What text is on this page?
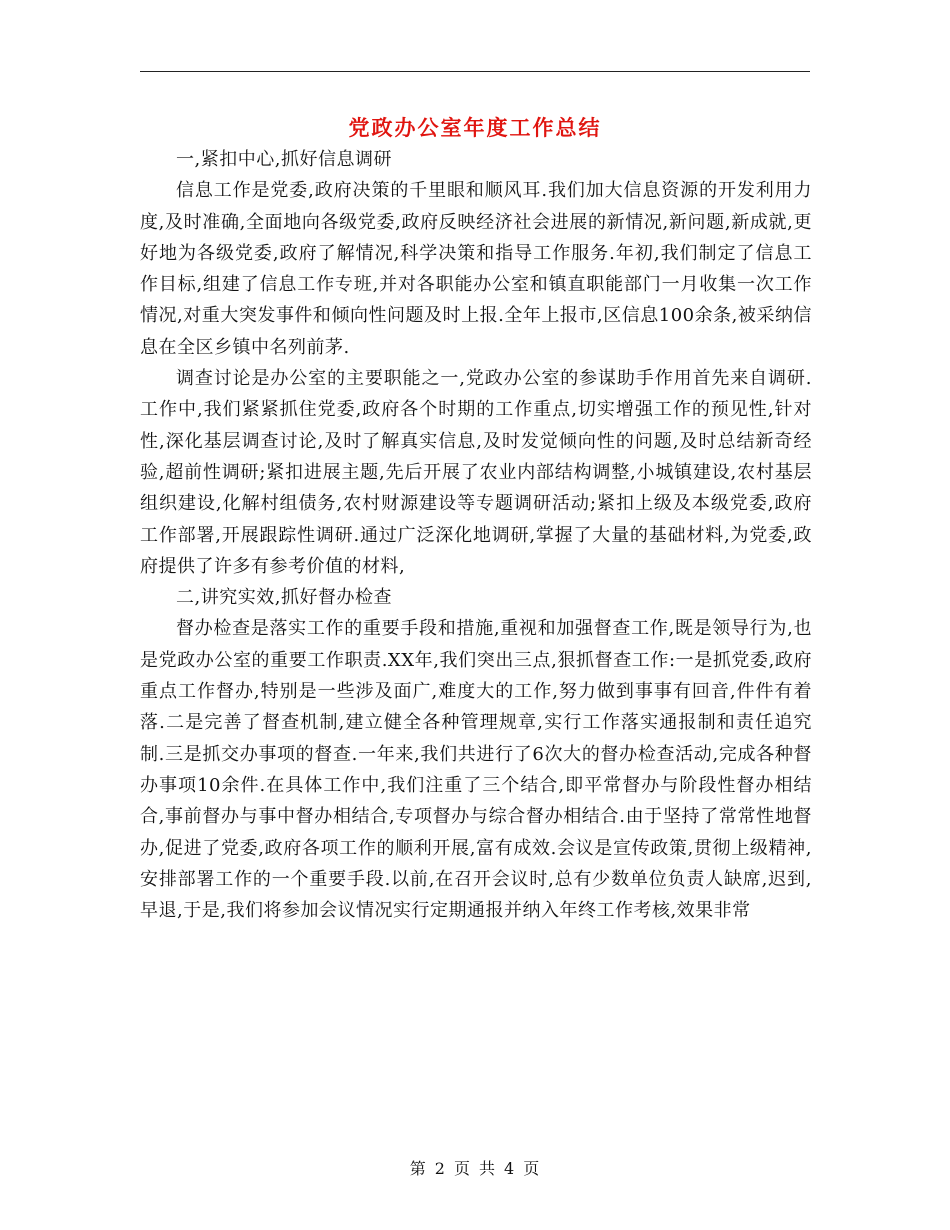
党政办公室年度工作总结

一,紧扣中心,抓好信息调研

信息工作是党委,政府决策的千里眼和顺风耳.我们加大信息资源的开发利用力度,及时准确,全面地向各级党委,政府反映经济社会进展的新情况,新问题,新成就,更好地为各级党委,政府了解情况,科学决策和指导工作服务.年初,我们制定了信息工作目标,组建了信息工作专班,并对各职能办公室和镇直职能部门一月收集一次工作情况,对重大突发事件和倾向性问题及时上报.全年上报市,区信息100余条,被采纳信息在全区乡镇中名列前茅.

调查讨论是办公室的主要职能之一,党政办公室的参谋助手作用首先来自调研.工作中,我们紧紧抓住党委,政府各个时期的工作重点,切实增强工作的预见性,针对性,深化基层调查讨论,及时了解真实信息,及时发觉倾向性的问题,及时总结新奇经验,超前性调研;紧扣进展主题,先后开展了农业内部结构调整,小城镇建设,农村基层组织建设,化解村组债务,农村财源建设等专题调研活动;紧扣上级及本级党委,政府工作部署,开展跟踪性调研.通过广泛深化地调研,掌握了大量的基础材料,为党委,政府提供了许多有参考价值的材料,

二,讲究实效,抓好督办检查

督办检查是落实工作的重要手段和措施,重视和加强督查工作,既是领导行为,也是党政办公室的重要工作职责.XX年,我们突出三点,狠抓督查工作:一是抓党委,政府重点工作督办,特别是一些涉及面广,难度大的工作,努力做到事事有回音,件件有着落.二是完善了督查机制,建立健全各种管理规章,实行工作落实通报制和责任追究制.三是抓交办事项的督查.一年来,我们共进行了6次大的督办检查活动,完成各种督办事项10余件.在具体工作中,我们注重了三个结合,即平常督办与阶段性督办相结合,事前督办与事中督办相结合,专项督办与综合督办相结合.由于坚持了常常性地督办,促进了党委,政府各项工作的顺利开展,富有成效.会议是宣传政策,贯彻上级精神,安排部署工作的一个重要手段.以前,在召开会议时,总有少数单位负责人缺席,迟到,早退,于是,我们将参加会议情况实行定期通报并纳入年终工作考核,效果非常

第 2 页 共 4 页
